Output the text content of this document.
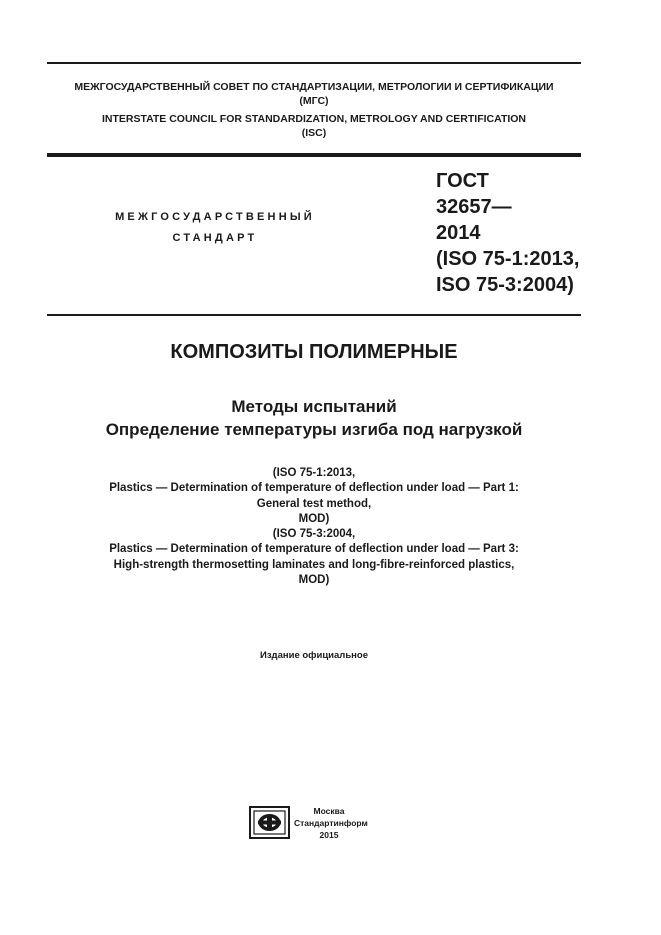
МЕЖГОСУДАРСТВЕННЫЙ СОВЕТ ПО СТАНДАРТИЗАЦИИ, МЕТРОЛОГИИ И СЕРТИФИКАЦИИ
(МГС)
INTERSTATE COUNCIL FOR STANDARDIZATION, METROLOGY AND CERTIFICATION
(ISC)
МЕЖГОСУДАРСТВЕННЫЙ
СТАНДАРТ
ГОСТ
32657—
2014
(ISO 75-1:2013,
ISO 75-3:2004)
КОМПОЗИТЫ ПОЛИМЕРНЫЕ
Методы испытаний
Определение температуры изгиба под нагрузкой
(ISO 75-1:2013,
Plastics — Determination of temperature of deflection under load — Part 1:
General test method,
MOD)
(ISO 75-3:2004,
Plastics — Determination of temperature of deflection under load — Part 3:
High-strength thermosetting laminates and long-fibre-reinforced plastics,
MOD)
Издание официальное
Москва
Стандартинформ
2015
